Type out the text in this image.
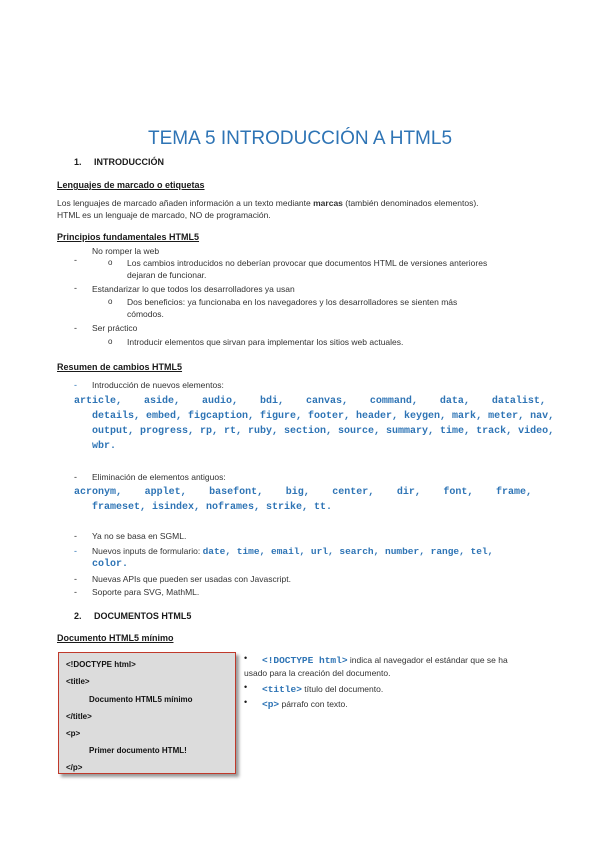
TEMA 5 INTRODUCCIÓN A HTML5
1. INTRODUCCIÓN
Lenguajes de marcado o etiquetas
Los lenguajes de marcado añaden información a un texto mediante marcas (también denominados elementos).
HTML es un lenguaje de marcado, NO de programación.
Principios fundamentales HTML5
-
No romper la web
o Los cambios introducidos no deberían provocar que documentos HTML de versiones anteriores
dejaran de funcionar.
- Estandarizar lo que todos los desarrolladores ya usan
o Dos beneficios: ya funcionaba en los navegadores y los desarrolladores se sienten más
cómodos.
- Ser práctico
o Introducir elementos que sirvan para implementar los sitios web actuales.
Resumen de cambios HTML5
- Introducción de nuevos elementos:
article, aside, audio, bdi, canvas, command, data, datalist,
details, embed, figcaption, figure, footer, header, keygen, mark, meter, nav,
output, progress, rp, rt, ruby, section, source, summary, time, track, video,
wbr.
- Eliminación de elementos antiguos:
acronym, applet, basefont, big, center, dir, font, frame,
frameset, isindex, noframes, strike, tt.
- Ya no se basa en SGML.
- Nuevos inputs de formulario: date, time, email, url, search, number, range, tel,
color.
- Nuevas APIs que pueden ser usadas con Javascript.
- Soporte para SVG, MathML.
2. DOCUMENTOS HTML5
Documento HTML5 mínimo
<!DOCTYPE html>
<title>
Documento HTML5 mínimo
</title>
<p>
Primer documento HTML!
</p>
• <!DOCTYPE html> indica al navegador el estándar que se ha
usado para la creación del documento.
• <title> título del documento.
• <p> párrafo con texto.
